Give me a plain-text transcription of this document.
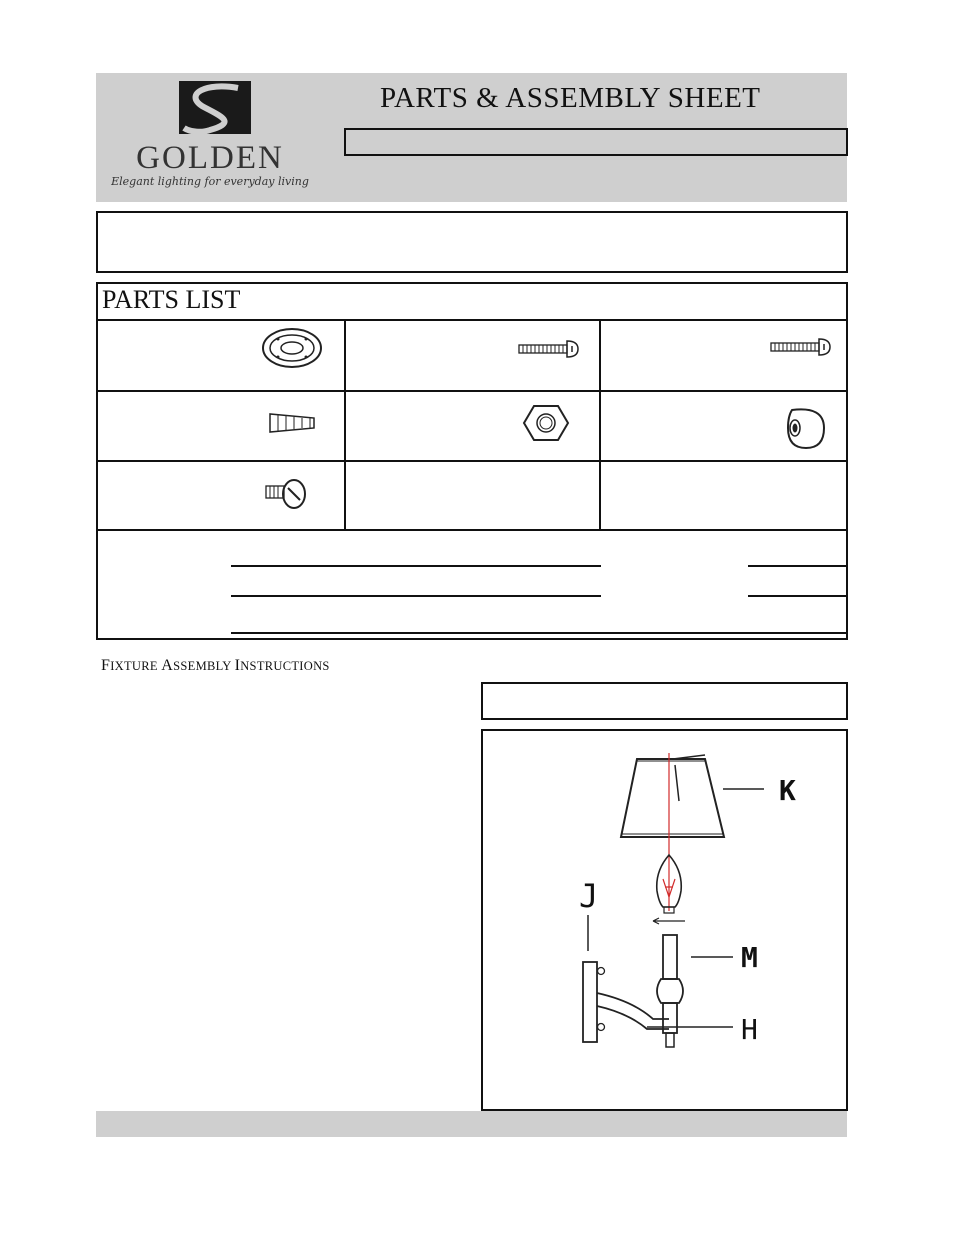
GOLDEN
Elegant lighting for everyday living
PARTS & ASSEMBLY SHEET
PARTS LIST
FIXTURE ASSEMBLY INSTRUCTIONS
K
J
M
H
